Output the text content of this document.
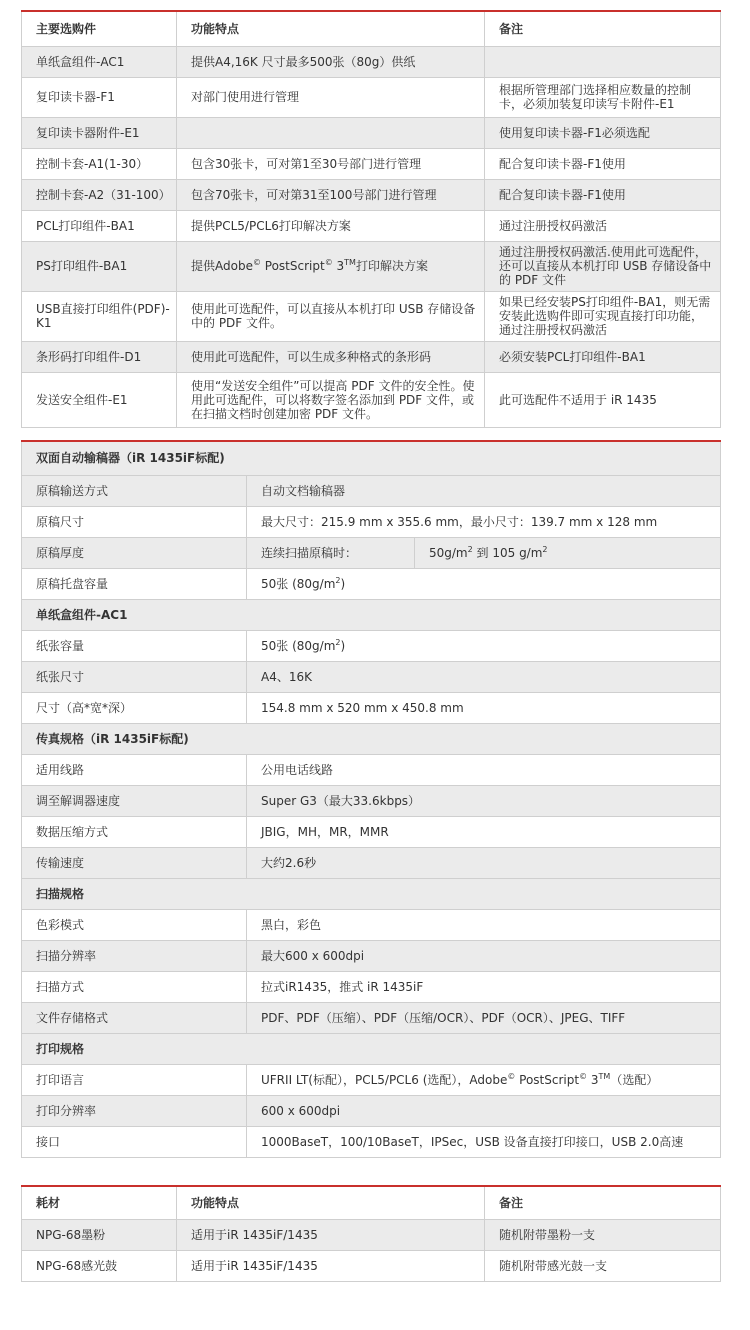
主要选购件	功能特点	备注
单纸盒组件-AC1	提供A4,16K 尺寸最多500张（80g）供纸	
复印读卡器-F1	对部门使用进行管理	根据所管理部门选择相应数量的控制卡，必须加装复印读写卡附件-E1
复印读卡器附件-E1		使用复印读卡器-F1必须选配
控制卡套-A1(1-30）	包含30张卡，可对第1至30号部门进行管理	配合复印读卡器-F1使用
控制卡套-A2（31-100）	包含70张卡，可对第31至100号部门进行管理	配合复印读卡器-F1使用
PCL打印组件-BA1	提供PCL5/PCL6打印解决方案	通过注册授权码激活
PS打印组件-BA1	提供Adobe© PostScript© 3™打印解决方案	通过注册授权码激活.使用此可选配件，还可以直接从本机打印 USB 存储设备中的 PDF 文件
USB直接打印组件(PDF)-K1	使用此可选配件，可以直接从本机打印 USB 存储设备中的 PDF 文件。	如果已经安装PS打印组件-BA1，则无需安装此选购件即可实现直接打印功能，通过注册授权码激活
条形码打印组件-D1	使用此可选配件，可以生成多种格式的条形码	必须安装PCL打印组件-BA1
发送安全组件-E1	使用“发送安全组件”可以提高 PDF 文件的安全性。使用此可选配件，可以将数字签名添加到 PDF 文件，或在扫描文档时创建加密 PDF 文件。	此可选配件不适用于 iR 1435
双面自动输稿器（iR 1435iF标配)		
原稿输送方式	自动文档输稿器	
原稿尺寸	最大尺寸：215.9 mm x 355.6 mm，最小尺寸：139.7 mm x 128 mm	
原稿厚度	连续扫描原稿时：	$50g/m^2$ 到 105 $g/m^2$
原稿托盘容量	50张 $(80g/m^2)$	
单纸盒组件-AC1		
纸张容量	50张 $(80g/m^2)$	
纸张尺寸	A4、16K	
尺寸（高*宽*深）	154.8 mm x 520 mm x 450.8 mm	
传真规格（iR 1435iF标配)		
适用线路	公用电话线路	
调至解调器速度	Super G3（最大33.6kbps）	
数据压缩方式	JBIG，MH，MR，MMR	
传输速度	大约2.6秒	
扫描规格		
色彩模式	黑白，彩色	
扫描分辨率	最大600 x 600dpi	
扫描方式	拉式iR1435，推式 iR 1435iF	
文件存储格式	PDF、PDF（压缩）、PDF（压缩/OCR）、PDF（OCR）、JPEG、TIFF	
打印规格		
打印语言	UFRII LT(标配），PCL5/PCL6 (选配），Adobe© PostScript© 3™（选配）	
打印分辨率	600 x 600dpi	
接口	1000BaseT，100/10BaseT，IPSec，USB 设备直接打印接口，USB 2.0高速	
耗材	功能特点	备注
NPG-68墨粉	适用于iR 1435iF/1435	随机附带墨粉一支
NPG-68感光鼓	适用于iR 1435iF/1435	随机附带感光鼓一支
